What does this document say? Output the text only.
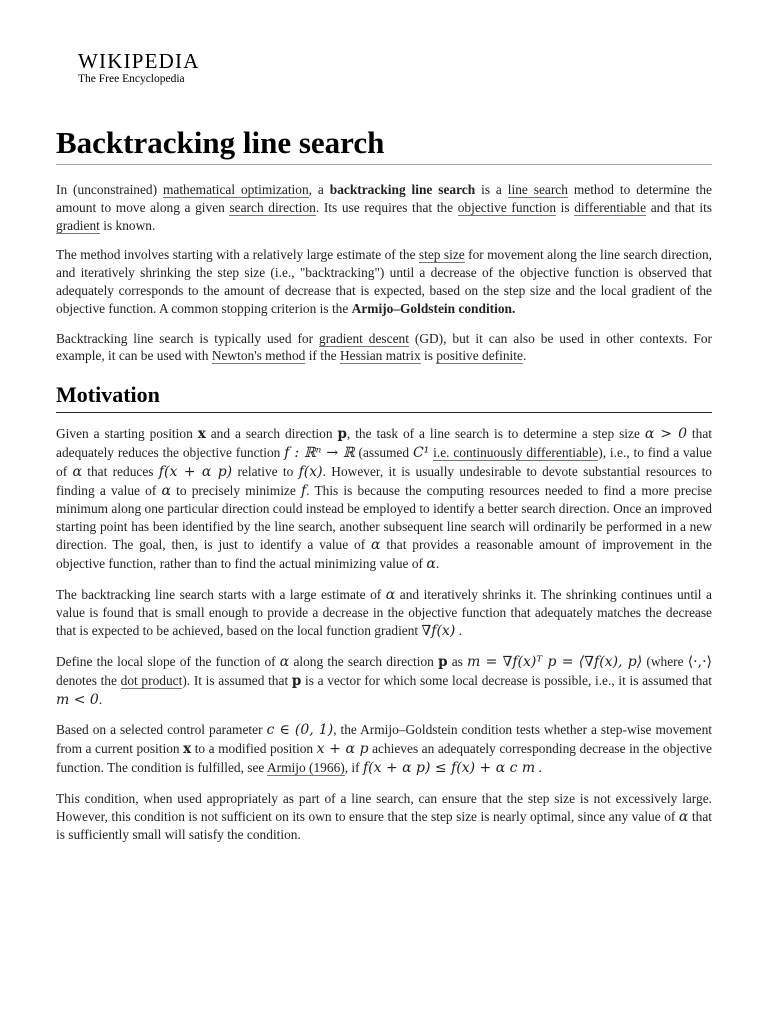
WIKIPEDIA
The Free Encyclopedia
Backtracking line search

In (unconstrained) mathematical optimization, a backtracking line search is a line search method to determine the amount to move along a given search direction. Its use requires that the objective function is differentiable and that its gradient is known.

The method involves starting with a relatively large estimate of the step size for movement along the line search direction, and iteratively shrinking the step size (i.e., "backtracking") until a decrease of the objective function is observed that adequately corresponds to the amount of decrease that is expected, based on the step size and the local gradient of the objective function. A common stopping criterion is the Armijo–Goldstein condition.

Backtracking line search is typically used for gradient descent (GD), but it can also be used in other contexts. For example, it can be used with Newton's method if the Hessian matrix is positive definite.

Motivation

Given a starting position x and a search direction p, the task of a line search is to determine a step size α > 0 that adequately reduces the objective function f : ℝⁿ → ℝ (assumed C¹ i.e. continuously differentiable), i.e., to find a value of α that reduces f(x + α p) relative to f(x). However, it is usually undesirable to devote substantial resources to finding a value of α to precisely minimize f. This is because the computing resources needed to find a more precise minimum along one particular direction could instead be employed to identify a better search direction. Once an improved starting point has been identified by the line search, another subsequent line search will ordinarily be performed in a new direction. The goal, then, is just to identify a value of α that provides a reasonable amount of improvement in the objective function, rather than to find the actual minimizing value of α.

The backtracking line search starts with a large estimate of α and iteratively shrinks it. The shrinking continues until a value is found that is small enough to provide a decrease in the objective function that adequately matches the decrease that is expected to be achieved, based on the local function gradient ∇f(x) .

Define the local slope of the function of α along the search direction p as m = ∇f(x)ᵀ p = ⟨∇f(x), p⟩ (where ⟨·,·⟩ denotes the dot product). It is assumed that p is a vector for which some local decrease is possible, i.e., it is assumed that m < 0.

Based on a selected control parameter c ∈ (0, 1), the Armijo–Goldstein condition tests whether a step-wise movement from a current position x to a modified position x + α p achieves an adequately corresponding decrease in the objective function. The condition is fulfilled, see Armijo (1966), if f(x + α p) ≤ f(x) + α c m .

This condition, when used appropriately as part of a line search, can ensure that the step size is not excessively large. However, this condition is not sufficient on its own to ensure that the step size is nearly optimal, since any value of α that is sufficiently small will satisfy the condition.
